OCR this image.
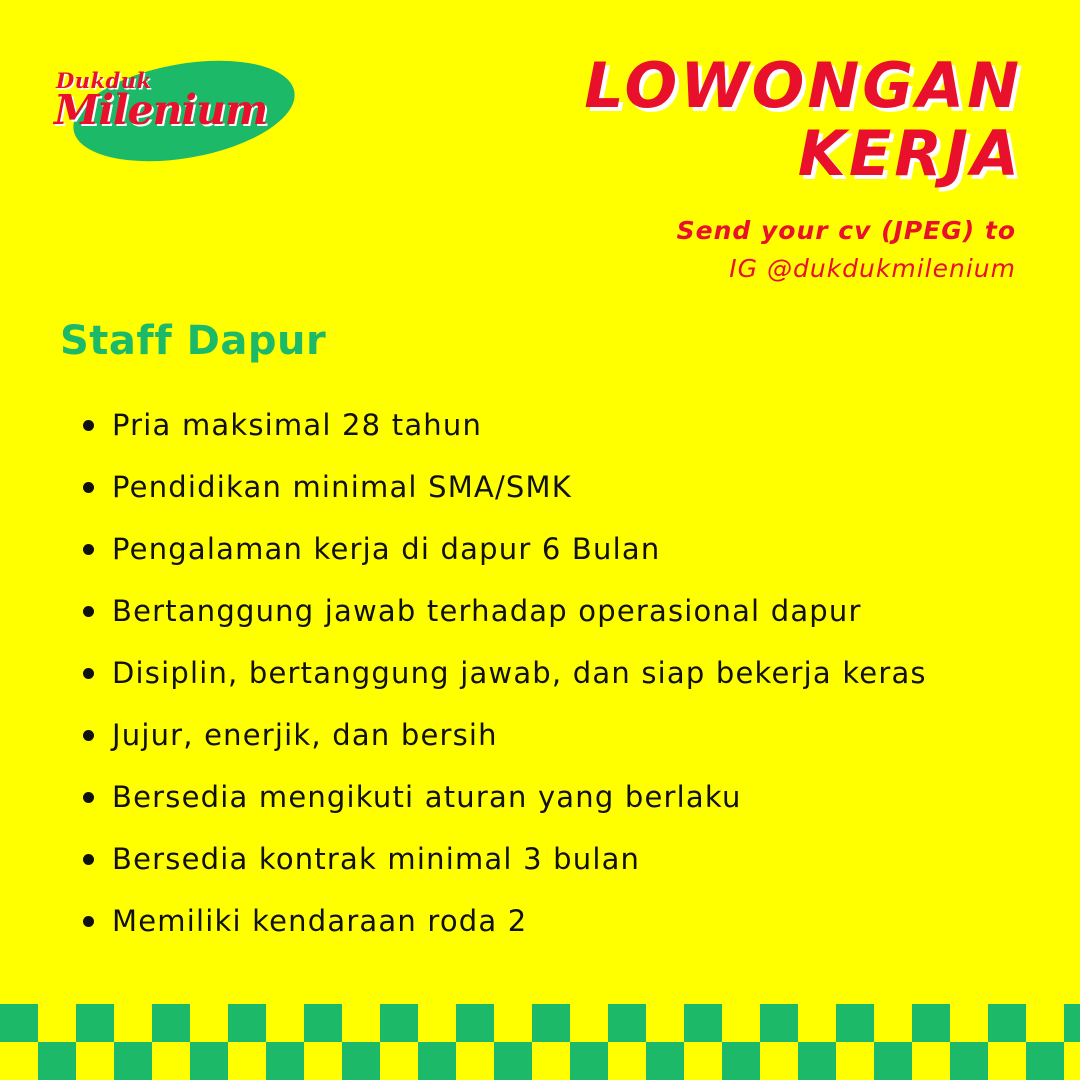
Dukduk
Milenium	LOWONGAN
KERJA
Send your cv (JPEG) to
IG @dukdukmilenium
Staff Dapur
Pria maksimal 28 tahun
Pendidikan minimal SMA/SMK
Pengalaman kerja di dapur 6 Bulan
Bertanggung jawab terhadap operasional dapur
Disiplin, bertanggung jawab, dan siap bekerja keras
Jujur, enerjik, dan bersih
Bersedia mengikuti aturan yang berlaku
Bersedia kontrak minimal 3 bulan
Memiliki kendaraan roda 2
